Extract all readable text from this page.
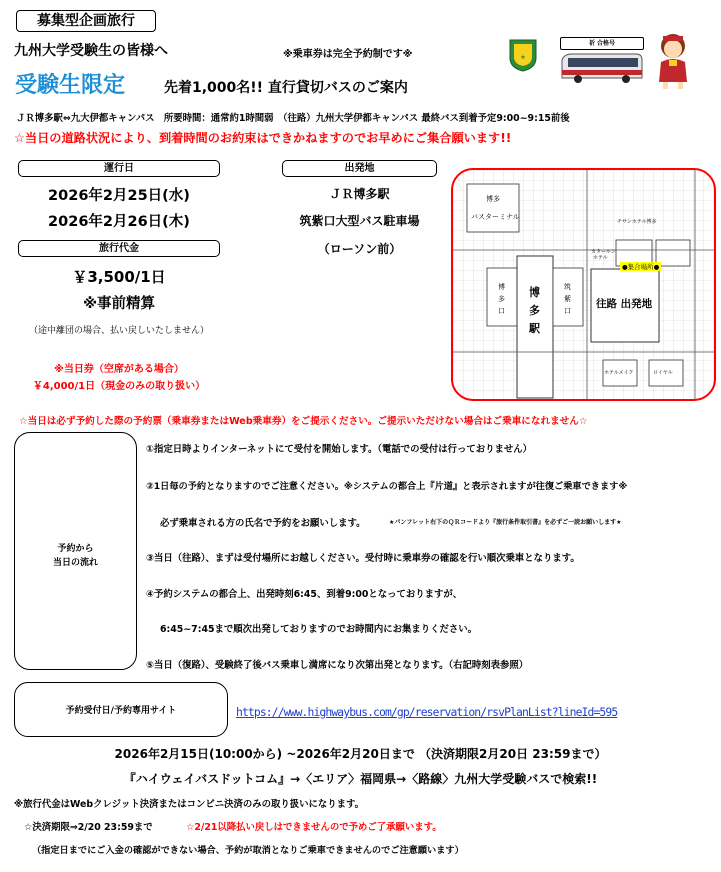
募集型企画旅行
九州大学受験生の皆様へ	※乗車券は完全予約制です※	★
祈 合格号
受験生限定	先着1,000名!! 直行貸切バスのご案内
ＪＲ博多駅⇔九大伊都キャンパス　所要時間：通常約1時間弱　（往路）九州大学伊都キャンパス 最終バス到着予定9:00~9:15前後
☆当日の道路状況により、到着時間のお約束はできかねますのでお早めにご集合願います!!
運行日
2026年2月25日(水)
2026年2月26日(木)
旅行代金
￥3,500/1日
※事前精算
（途中離団の場合、払い戻しいたしません）
※当日券（空席がある場合）
￥4,000/1日（現金のみの取り扱い）
出発地
ＪＲ博多駅
筑紫口大型バス駐車場
（ローソン前）
博多
バスターミナル
博
多
駅
博
多
口
筑
紫
口
●集合場所●
往路 出発地
カタールン
ホテル
チサンホテル博多
ホテルメイク	ロイヤル
☆当日は必ず予約した際の予約票（乗車券またはWeb乗車券）をご提示ください。ご提示いただけない場合はご乗車になれません☆
予約から
当日の流れ
①指定日時よりインターネットにて受付を開始します。（電話での受付は行っておりません）
②1日毎の予約となりますのでご注意ください。※システムの都合上『片道』と表示されますが往復ご乗車できます※
必ず乗車される方の氏名で予約をお願いします。	★パンフレット右下のＱＲコードより『旅行条件取引書』を必ずご一読お願いします★
③当日（往路）、まずは受付場所にお越しください。受付時に乗車券の確認を行い順次乗車となります。
④予約システムの都合上、出発時刻6:45、到着9:00となっておりますが、
6:45~7:45まで順次出発しておりますのでお時間内にお集まりください。
⑤当日（復路）、受験終了後バス乗車し満席になり次第出発となります。（右記時刻表参照）
予約受付日/予約専用サイト	https://www.highwaybus.com/gp/reservation/rsvPlanList?lineId=595
2026年2月15日(10:00から) ~2026年2月20日まで （決済期限2月20日 23:59まで）
『ハイウェイバスドットコム』→〈エリア〉福岡県→〈路線〉九州大学受験バスで検索!!
※旅行代金はWebクレジット決済またはコンビニ決済のみの取り扱いになります。
☆決済期限⇒2/20 23:59まで	☆2/21以降払い戻しはできませんので予めご了承願います。
（指定日までにご入金の確認ができない場合、予約が取消となりご乗車できませんのでご注意願います）
